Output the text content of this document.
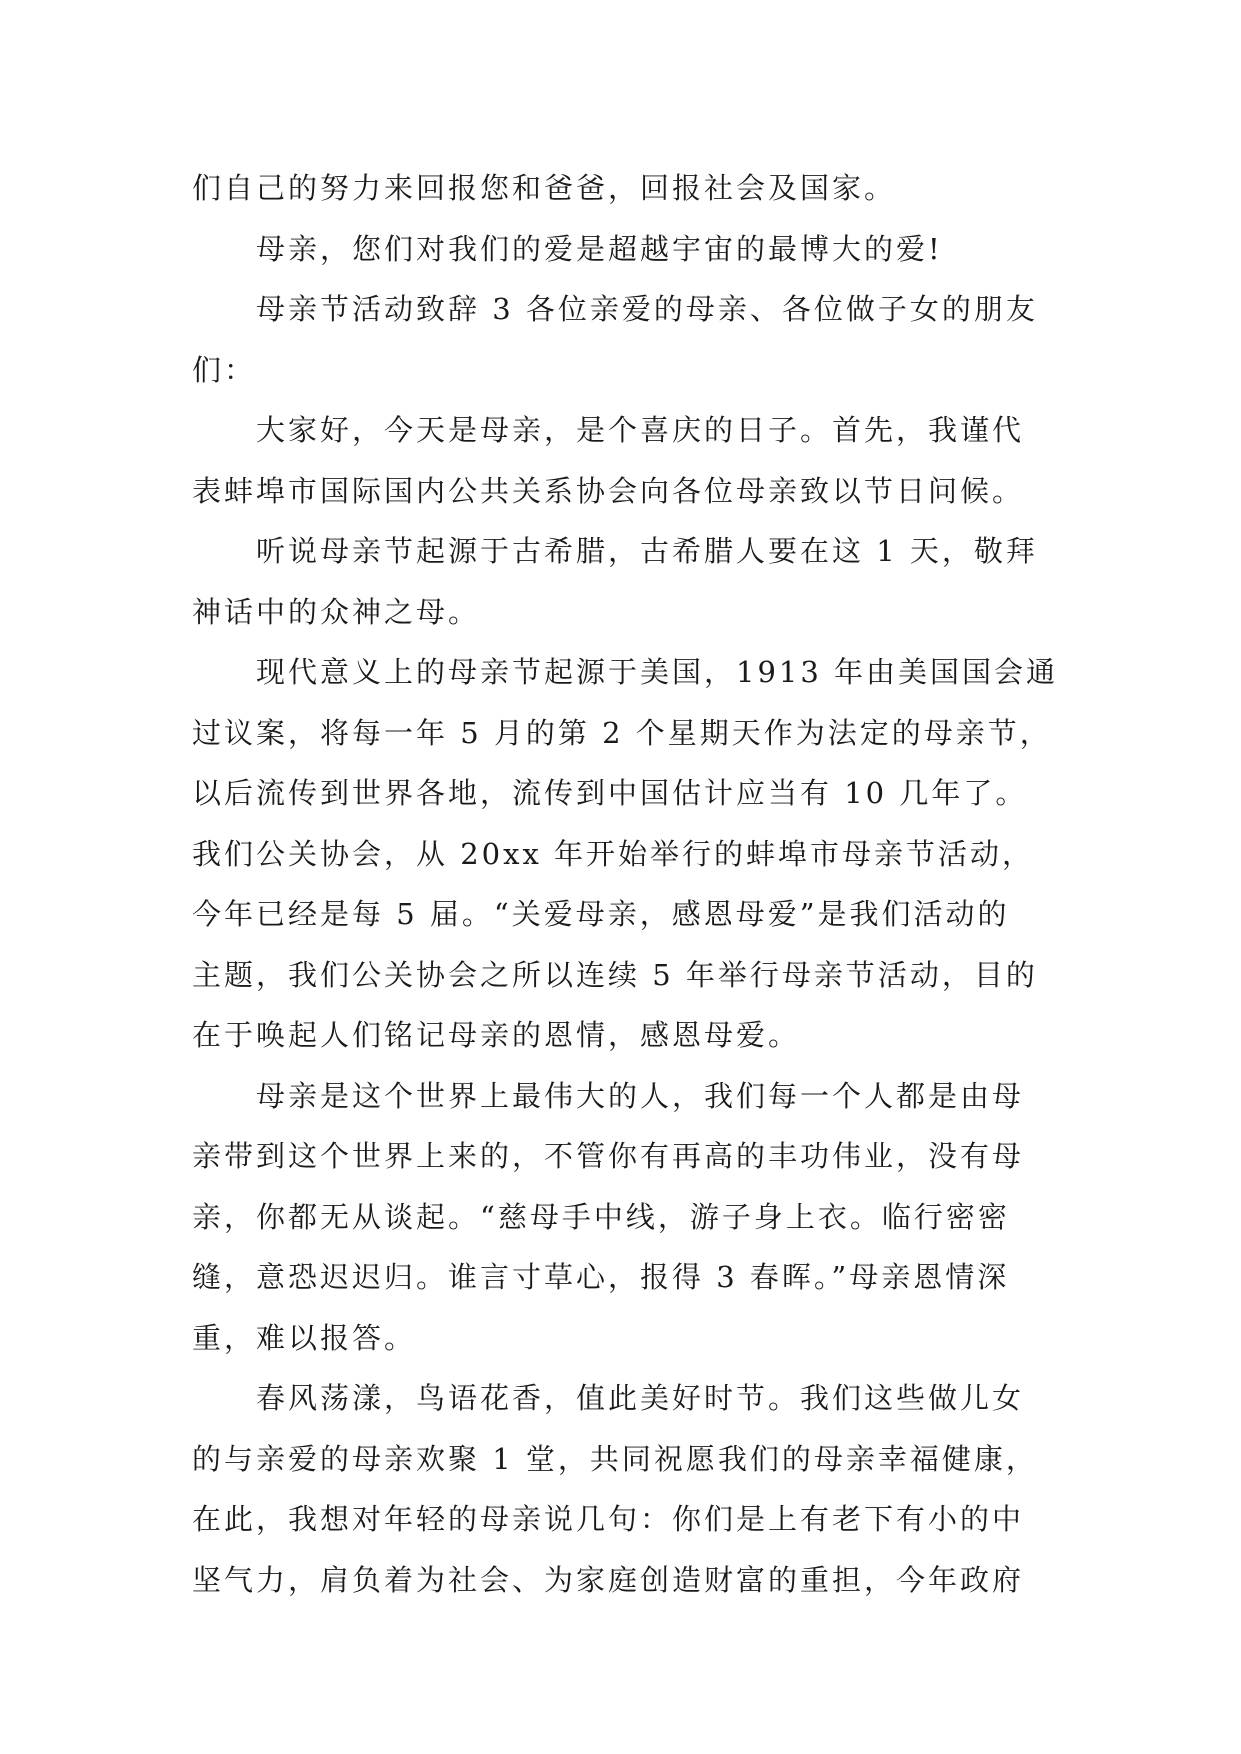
们自己的努力来回报您和爸爸，回报社会及国家。
母亲，您们对我们的爱是超越宇宙的最博大的爱!
母亲节活动致辞 3 各位亲爱的母亲、各位做子女的朋友
们：
大家好，今天是母亲，是个喜庆的日子。首先，我谨代
表蚌埠市国际国内公共关系协会向各位母亲致以节日问候。
听说母亲节起源于古希腊，古希腊人要在这 1 天，敬拜
神话中的众神之母。
现代意义上的母亲节起源于美国，1913 年由美国国会通
过议案，将每一年 5 月的第 2 个星期天作为法定的母亲节，
以后流传到世界各地，流传到中国估计应当有 10 几年了。
我们公关协会，从 20xx 年开始举行的蚌埠市母亲节活动，
今年已经是每 5 届。“关爱母亲，感恩母爱”是我们活动的
主题，我们公关协会之所以连续 5 年举行母亲节活动，目的
在于唤起人们铭记母亲的恩情，感恩母爱。
母亲是这个世界上最伟大的人，我们每一个人都是由母
亲带到这个世界上来的，不管你有再高的丰功伟业，没有母
亲，你都无从谈起。“慈母手中线，游子身上衣。临行密密
缝，意恐迟迟归。谁言寸草心，报得 3 春晖。”母亲恩情深
重，难以报答。
春风荡漾，鸟语花香，值此美好时节。我们这些做儿女
的与亲爱的母亲欢聚 1 堂，共同祝愿我们的母亲幸福健康，
在此，我想对年轻的母亲说几句：你们是上有老下有小的中
坚气力，肩负着为社会、为家庭创造财富的重担，今年政府
